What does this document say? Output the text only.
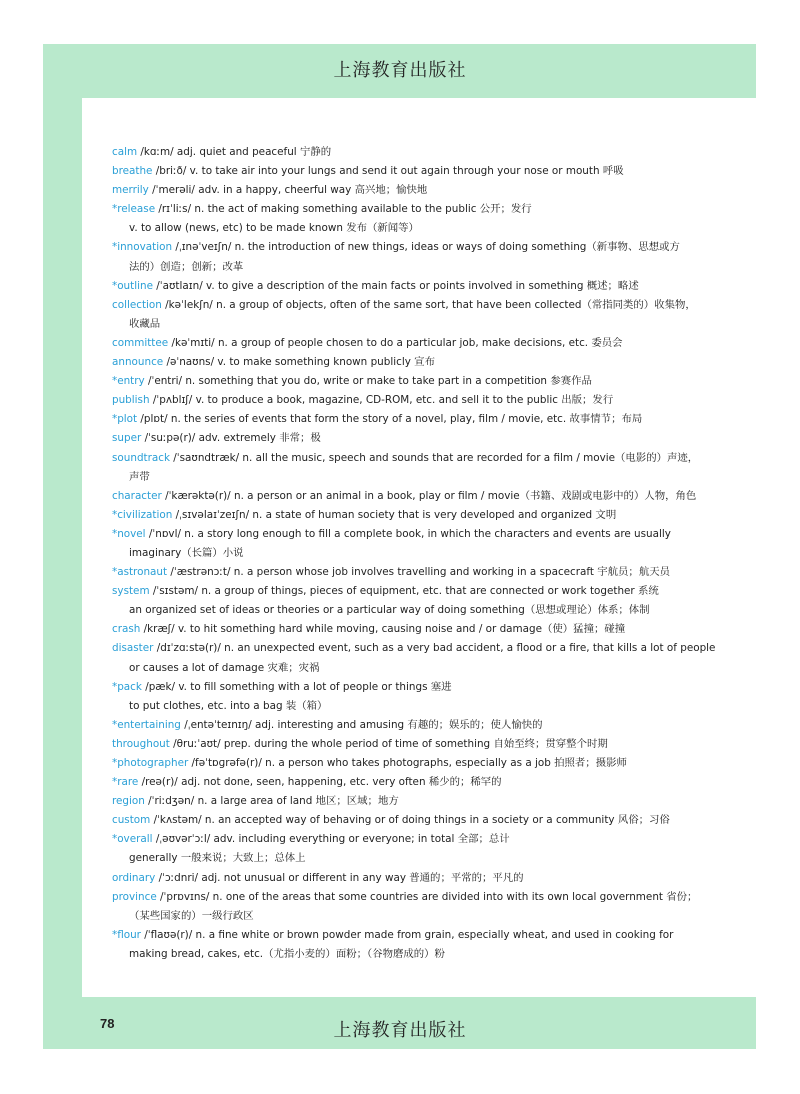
上海教育出版社
calm /kɑːm/ adj. quiet and peaceful 宁静的
breathe /briːð/ v. to take air into your lungs and send it out again through your nose or mouth 呼吸
merrily /ˈmerəli/ adv. in a happy, cheerful way 高兴地；愉快地
*release /rɪˈliːs/ n. the act of making something available to the public 公开；发行
v. to allow (news, etc) to be made known 发布（新闻等）
*innovation /ˌɪnəˈveɪʃn/ n. the introduction of new things, ideas or ways of doing something（新事物、思想或方
法的）创造；创新；改革
*outline /ˈaʊtlaɪn/ v. to give a description of the main facts or points involved in something 概述；略述
collection /kəˈlekʃn/ n. a group of objects, often of the same sort, that have been collected（常指同类的）收集物，
收藏品
committee /kəˈmɪti/ n. a group of people chosen to do a particular job, make decisions, etc. 委员会
announce /əˈnaʊns/ v. to make something known publicly 宣布
*entry /ˈentri/ n. something that you do, write or make to take part in a competition 参赛作品
publish /ˈpʌblɪʃ/ v. to produce a book, magazine, CD-ROM, etc. and sell it to the public 出版；发行
*plot /plɒt/ n. the series of events that form the story of a novel, play, film / movie, etc. 故事情节；布局
super /ˈsuːpə(r)/ adv. extremely 非常；极
soundtrack /ˈsaʊndtræk/ n. all the music, speech and sounds that are recorded for a film / movie（电影的）声迹，
声带
character /ˈkærəktə(r)/ n. a person or an animal in a book, play or film / movie（书籍、戏剧或电影中的）人物，角色
*civilization /ˌsɪvəlaɪˈzeɪʃn/ n. a state of human society that is very developed and organized 文明
*novel /ˈnɒvl/ n. a story long enough to fill a complete book, in which the characters and events are usually
imaginary（长篇）小说
*astronaut /ˈæstrənɔːt/ n. a person whose job involves travelling and working in a spacecraft 宇航员；航天员
system /ˈsɪstəm/ n. a group of things, pieces of equipment, etc. that are connected or work together 系统
an organized set of ideas or theories or a particular way of doing something（思想或理论）体系；体制
crash /kræʃ/ v. to hit something hard while moving, causing noise and / or damage（使）猛撞；碰撞
disaster /dɪˈzɑːstə(r)/ n. an unexpected event, such as a very bad accident, a flood or a fire, that kills a lot of people
or causes a lot of damage 灾难；灾祸
*pack /pæk/ v. to fill something with a lot of people or things 塞进
to put clothes, etc. into a bag 装（箱）
*entertaining /ˌentəˈteɪnɪŋ/ adj. interesting and amusing 有趣的；娱乐的；使人愉快的
throughout /θruːˈaʊt/ prep. during the whole period of time of something 自始至终；贯穿整个时期
*photographer /fəˈtɒɡrəfə(r)/ n. a person who takes photographs, especially as a job 拍照者；摄影师
*rare /reə(r)/ adj. not done, seen, happening, etc. very often 稀少的；稀罕的
region /ˈriːdʒən/ n. a large area of land 地区；区域；地方
custom /ˈkʌstəm/ n. an accepted way of behaving or of doing things in a society or a community 风俗；习俗
*overall /ˌəʊvərˈɔːl/ adv. including everything or everyone; in total 全部；总计
generally 一般来说；大致上；总体上
ordinary /ˈɔːdnri/ adj. not unusual or different in any way 普通的；平常的；平凡的
province /ˈprɒvɪns/ n. one of the areas that some countries are divided into with its own local government 省份；
（某些国家的）一级行政区
*flour /ˈflaʊə(r)/ n. a fine white or brown powder made from grain, especially wheat, and used in cooking for
making bread, cakes, etc.（尤指小麦的）面粉；（谷物磨成的）粉
78	上海教育出版社
